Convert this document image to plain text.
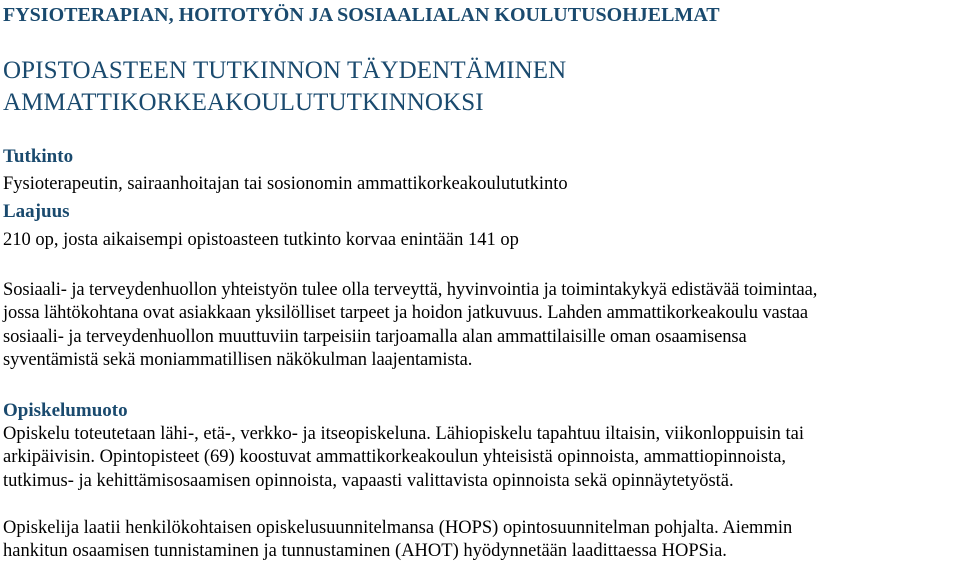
FYSIOTERAPIAN, HOITOTYÖN JA SOSIAALIALAN KOULUTUSOHJELMAT
OPISTOASTEEN TUTKINNON TÄYDENTÄMINEN
AMMATTIKORKEAKOULUTUTKINNOKSI
Tutkinto
Fysioterapeutin, sairaanhoitajan tai sosionomin ammattikorkeakoulututkinto
Laajuus
210 op, josta aikaisempi opistoasteen tutkinto korvaa enintään 141 op
Sosiaali- ja terveydenhuollon yhteistyön tulee olla terveyttä, hyvinvointia ja toimintakykyä edistävää toimintaa,
jossa lähtökohtana ovat asiakkaan yksilölliset tarpeet ja hoidon jatkuvuus. Lahden ammattikorkeakoulu vastaa
sosiaali- ja terveydenhuollon muuttuviin tarpeisiin tarjoamalla alan ammattilaisille oman osaamisensa
syventämistä sekä moniammatillisen näkökulman laajentamista.
Opiskelumuoto
Opiskelu toteutetaan lähi-, etä-, verkko- ja itseopiskeluna. Lähiopiskelu tapahtuu iltaisin, viikonloppuisin tai
arkipäivisin. Opintopisteet (69) koostuvat ammattikorkeakoulun yhteisistä opinnoista, ammattiopinnoista,
tutkimus- ja kehittämisosaamisen opinnoista, vapaasti valittavista opinnoista sekä opinnäytetyöstä.
Opiskelija laatii henkilökohtaisen opiskelusuunnitelmansa (HOPS) opintosuunnitelman pohjalta. Aiemmin
hankitun osaamisen tunnistaminen ja tunnustaminen (AHOT) hyödynnetään laadittaessa HOPSia.
